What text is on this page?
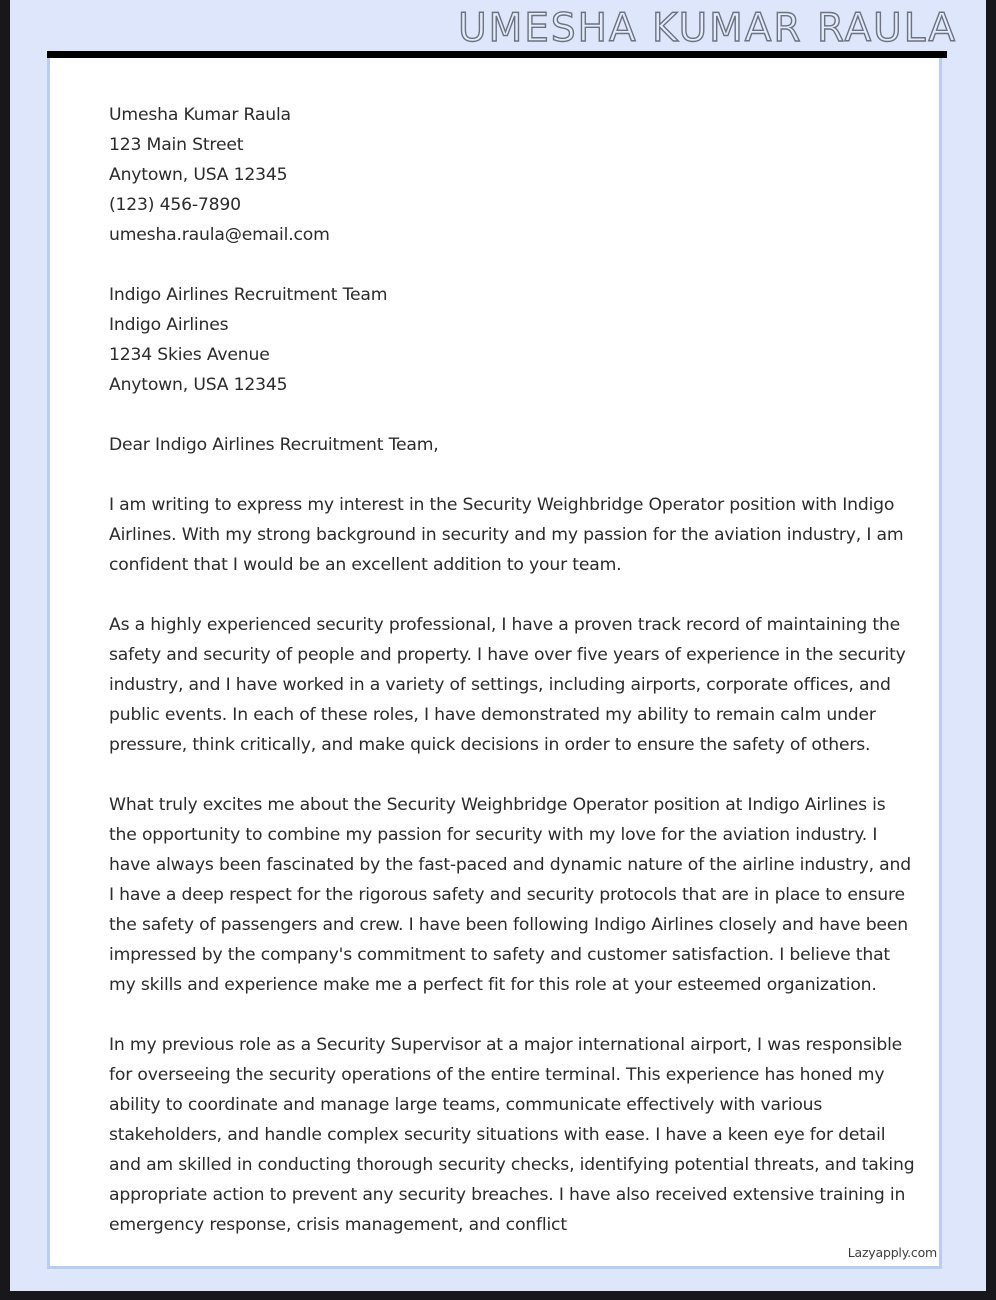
UMESHA KUMAR RAULA
Umesha Kumar Raula
123 Main Street
Anytown, USA 12345
(123) 456-7890
umesha.raula@email.com
Indigo Airlines Recruitment Team
Indigo Airlines
1234 Skies Avenue
Anytown, USA 12345
Dear Indigo Airlines Recruitment Team,

I am writing to express my interest in the Security Weighbridge Operator position with Indigo Airlines. With my strong background in security and my passion for the aviation industry, I am confident that I would be an excellent addition to your team.

As a highly experienced security professional, I have a proven track record of maintaining the safety and security of people and property. I have over five years of experience in the security industry, and I have worked in a variety of settings, including airports, corporate offices, and public events. In each of these roles, I have demonstrated my ability to remain calm under pressure, think critically, and make quick decisions in order to ensure the safety of others.

What truly excites me about the Security Weighbridge Operator position at Indigo Airlines is the opportunity to combine my passion for security with my love for the aviation industry. I have always been fascinated by the fast-paced and dynamic nature of the airline industry, and I have a deep respect for the rigorous safety and security protocols that are in place to ensure the safety of passengers and crew. I have been following Indigo Airlines closely and have been impressed by the company's commitment to safety and customer satisfaction. I believe that my skills and experience make me a perfect fit for this role at your esteemed organization.

In my previous role as a Security Supervisor at a major international airport, I was responsible for overseeing the security operations of the entire terminal. This experience has honed my ability to coordinate and manage large teams, communicate effectively with various stakeholders, and handle complex security situations with ease. I have a keen eye for detail and am skilled in conducting thorough security checks, identifying potential threats, and taking appropriate action to prevent any security breaches. I have also received extensive training in emergency response, crisis management, and conflict

Lazyapply.com
